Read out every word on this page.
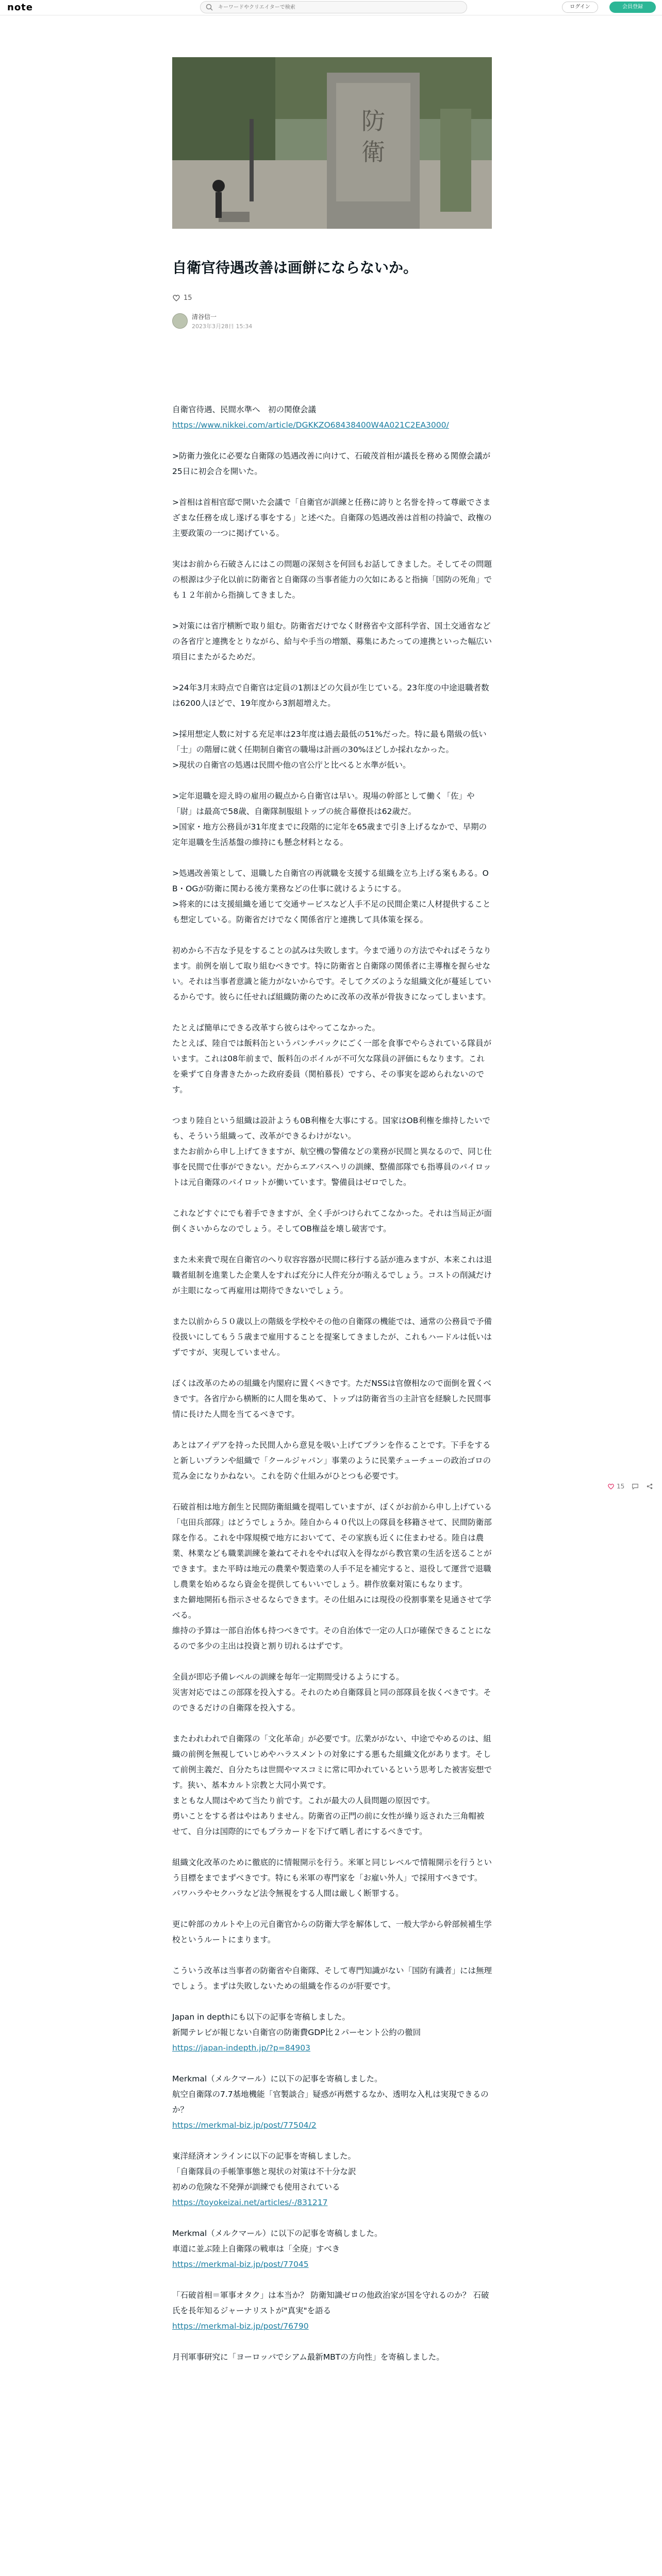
note
キーワードやクリエイターで検索	ログイン	会員登録
防
衛
自衛官待遇改善は画餅にならないか。
15
清谷信一
2023年3月28日 15:34

自衛官待遇、民間水準へ　初の関僚会議
https://www.nikkei.com/article/DGKKZO68438400W4A021C2EA3000/

>防衛力強化に必要な自衛隊の処遇改善に向けて、石破茂首相が議長を務める関僚会議が25日に初会合を開いた。

>首相は首相官邸で開いた会議で「自衛官が訓練と任務に誇りと名誉を持って尊厳でさまざまな任務を成し遂げる事をする」と述べた。自衛隊の処遇改善は首相の持論で、政権の主要政策の一つに掲げている。

実はお前から石破さんにはこの問題の深刻さを何回もお話してきました。そしてその問題の根源は少子化以前に防衛省と自衛隊の当事者能力の欠如にあると指摘「国防の死角」でも１２年前から指摘してきました。

>対策には省庁横断で取り組む。防衛省だけでなく財務省や文部科学省、国土交通省などの各省庁と連携をとりながら、給与や手当の増額、募集にあたっての連携といった幅広い項目にまたがるためだ。

>24年3月末時点で自衛官は定員の1割ほどの欠員が生じている。23年度の中途退職者数は6200人ほどで、19年度から3割超増えた。

>採用想定人数に対する充足率は23年度は過去最低の51%だった。特に最も階級の低い「士」の階層に就く任期制自衛官の職場は計画の30%ほどしか採れなかった。
>現状の自衛官の処遇は民間や他の官公庁と比べると水準が低い。

>定年退職を迎え時の雇用の観点から自衛官は早い。現場の幹部として働く「佐」や「尉」は最高で58歳、自衛隊制服組トップの統合幕僚長は62歳だ。
>国家・地方公務員が31年度までに段階的に定年を65歳まで引き上げるなかで、早期の定年退職を生活基盤の維持にも懸念材料となる。

>処遇改善策として、退職した自衛官の再就職を支援する組織を立ち上げる案もある。OB・OGが防衛に関わる後方業務などの仕事に就けるようにする。
>将来的には支援組織を通じて交通サービスなど人手不足の民間企業に人材提供することも想定している。防衛省だけでなく関係省庁と連携して具体策を探る。

初めから不吉な予見をすることの試みは失敗します。今まで通りの方法でやればそうなります。前例を崩して取り組むべきです。特に防衛省と自衛隊の関係者に主導権を握らせない。それは当事者意識と能力がないからです。そしてクズのような組織文化が蔓延しているからです。彼らに任せれば組織防衛のために改革の改革が骨抜きになってしまいます。

たとえば簡単にできる改革すら彼らはやってこなかった。
たとえば、陸自では飯料缶というパンチパックにごく一部を食事でやらされている隊員がいます。これは08年前まで、飯料缶のボイルが不可欠な隊員の評価にもなります。これを乗ずて自身書きたかった政府委員（関柏慕長）ですら、その事実を認められないのです。

つまり陸自という組織は設計ようも0B利権を大事にする。国家はOB利権を維持したいでも、そういう組織って、改革ができるわけがない。
またお前から申し上げてきますが、航空機の警備などの業務が民間と異なるので、同じ仕事を民間で仕事ができない。だからエアバスヘリの訓練、整備部隊でも指導員のパイロットは元自衛隊のパイロットが働いています。警備員はゼロでした。

これなどすぐにでも着手できますが、全く手がつけられてこなかった。それは当局正が面倒くさいからなのでしょう。そしてOB権益を壊し破害です。

また未来貴で現在自衛官のへり収容容器が民間に移行する話が進みますが、本来これは退職者組制を進業した企業人をすれば充分に人件充分が賄えるでしょう。コストの削減だけが主眼になって再雇用は期待できないでしょう。

また以前から５０歳以上の階級を学校やその他の自衛隊の機能では、通常の公務員で予備役扱いにしてもう５歳まで雇用することを提案してきましたが、これもハードルは低いはずですが、実現していません。

ぼくは改革のための組織を内閣府に置くべきです。ただNSSは官僚相なので面倒を置くべきです。各省庁から横断的に人間を集めて、トップは防衛省当の主計官を経験した民間事情に長けた人間を当てるべきです。

あとはアイデアを持った民間人から意見を吸い上げてプランを作ることです。下手をすると新しいプランや組織で「クールジャパン」事業のように民業チューチューの政治ゴロの荒み金になりかねない。これを防ぐ仕組みがひとつも必要です。

石破首相は地方創生と民間防衛組織を提唱していますが、ぼくがお前から申し上げている「屯田兵部隊」はどうでしょうか。陸自から４０代以上の隊員を移籍させて、民間防衛部隊を作る。これを中隊規模で地方においてて、その家族も近くに住まわせる。陸自は農業、林業なども職業訓練を兼ねてそれをやれば収入を得ながら教官業の生活を送ることができます。また平時は地元の農業や製造業の人手不足を補完すると、退役して運営で退職し農業を始めるなら資金を提供してもいいでしょう。耕作放棄対策にもなります。
また僻地開拓も指示させるならできます。その仕組みには現役の役割事業を見通させて学べる。
維持の予算は一部自治体も持つべきです。その自治体で一定の人口が確保できることになるので多少の主出は投資と割り切れるはずです。

全員が即応予備レベルの訓練を毎年一定期間受けるようにする。
災害対応ではこの部隊を投入する。それのため自衛隊員と同の部隊員を抜くべきです。そのできるだけの自衛隊を投入する。

またわれわれで自衛隊の「文化革命」が必要です。広業ががない、中途でやめるのは、組織の前例を無視していじめやハラスメントの対象にする悪もた組織文化があります。そして前例主義だ、自分たちは世間やマスコミに常に叩かれているという思考した被害妄想です。狭い、基本カルト宗教と大同小異です。
まともな人間はやめて当たり前です。これが最大の人員問題の原因です。
勇いことをする者はやはありません。防衛省の正門の前に女性が繰り返された三角帽被せて、自分は国際的にでもプラカードを下げて晒し者にするべきです。

組織文化改革のために徹底的に情報開示を行う。米軍と同じレベルで情報開示を行うという目標をまでまずべきです。特にも米軍の専門家を「お雇い外人」で採用すべきです。
パワハラやセクハラなど法令無視をする人間は厳しく断罪する。

更に幹部のカルトや上の元自衛官からの防衛大学を解体して、一般大学から幹部候補生学校というルートにまります。

こういう改革は当事者の防衛省や自衛隊、そして専門知識がない「国防有識者」には無理でしょう。まずは失敗しないための組織を作るのが肝要です。

Japan in depthにも以下の記事を寄稿しました。
新聞テレビが報じない自衛官の防衛費GDP比２パーセント公約の徹回
https://japan-indepth.jp/?p=84903

Merkmal（メルクマール）に以下の記事を寄稿しました。
航空自衛隊の7.7基地機能「官製談合」疑惑が再燃するなか、透明な入札は実現できるのか？
https://merkmal-biz.jp/post/77504/2

東洋経済オンラインに以下の記事を寄稿しました。
「自衛隊員の手帳筆事態と現状の対策は不十分な訳
初めの危険な不発弾が訓練でも使用されている
https://toyokeizai.net/articles/-/831217

Merkmal（メルクマール）に以下の記事を寄稿しました。
車道に並ぶ陸上自衛隊の戦車は「全廃」すべき
https://merkmal-biz.jp/post/77045

「石破首相＝軍事オタク」は本当か？ 防衛知識ゼロの他政治家が国を守れるのか？ 石破氏を長年知るジャーナリストが"真実"を語る
https://merkmal-biz.jp/post/76790

月刊軍事研究に「ヨーロッパでシアム最新MBTの方向性」を寄稿しました。

15
